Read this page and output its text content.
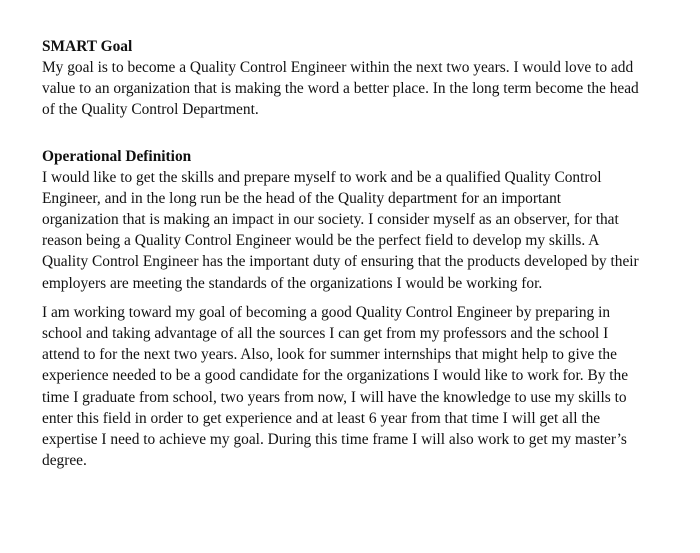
SMART Goal

My goal is to become a Quality Control Engineer within the next two years. I would love to add
value to an organization that is making the word a better place. In the long term become the head
of the Quality Control Department.

Operational Definition

I would like to get the skills and prepare myself to work and be a qualified Quality Control
Engineer, and in the long run be the head of the Quality department for an important
organization that is making an impact in our society. I consider myself as an observer, for that
reason being a Quality Control Engineer would be the perfect field to develop my skills. A
Quality Control Engineer has the important duty of ensuring that the products developed by their
employers are meeting the standards of the organizations I would be working for.

I am working toward my goal of becoming a good Quality Control Engineer by preparing in
school and taking advantage of all the sources I can get from my professors and the school I
attend to for the next two years. Also, look for summer internships that might help to give the
experience needed to be a good candidate for the organizations I would like to work for. By the
time I graduate from school, two years from now, I will have the knowledge to use my skills to
enter this field in order to get experience and at least 6 year from that time I will get all the
expertise I need to achieve my goal. During this time frame I will also work to get my master’s
degree.
